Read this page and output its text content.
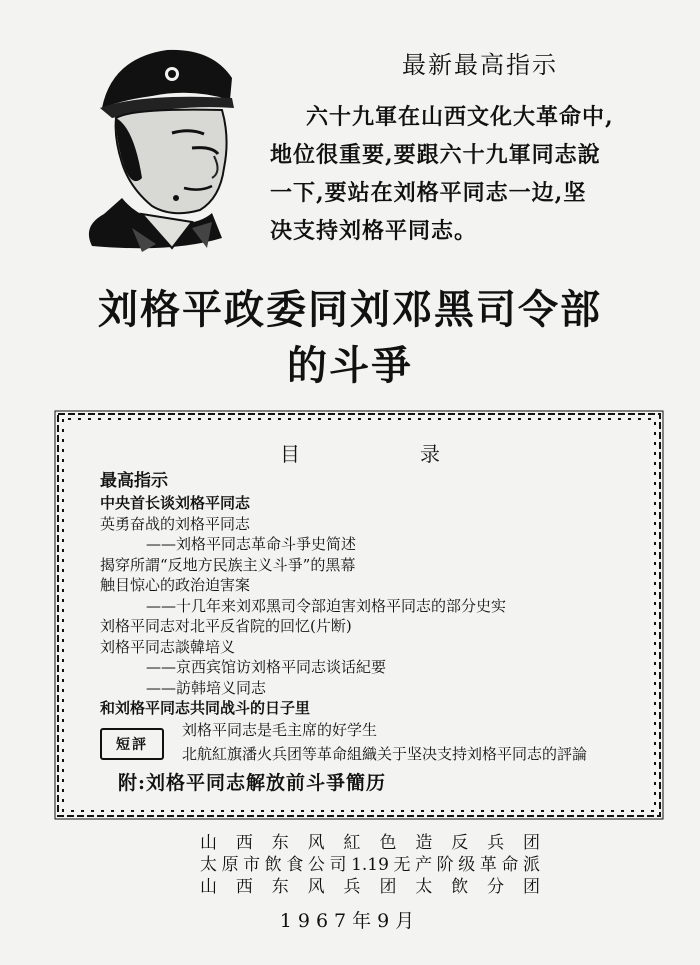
最新最高指示
六十九軍在山西文化大革命中,
地位很重要,要跟六十九軍同志說
一下,要站在刘格平同志一边,坚
决支持刘格平同志。
刘格平政委同刘邓黑司令部
的斗爭
目	录
最高指示
中央首长谈刘格平同志
英勇奋战的刘格平同志
——刘格平同志革命斗爭史简述
揭穿所謂“反地方民族主义斗爭”的黑幕
触目惊心的政治迫害案
——十几年来刘邓黑司令部迫害刘格平同志的部分史实
刘格平同志对北平反省院的回忆(片断)
刘格平同志談韓培义
——京西宾馆访刘格平同志谈话紀要
——訪韩培义同志
和刘格平同志共同战斗的日子里
短評
刘格平同志是毛主席的好学生
北航紅旗潘火兵团等革命組織关于坚决支持刘格平同志的評論
附:刘格平同志解放前斗爭簡历
山西东风紅色造反兵团
太原市飲食公司1.19无产阶级革命派
山西东风兵团太飲分团
1967年9月
